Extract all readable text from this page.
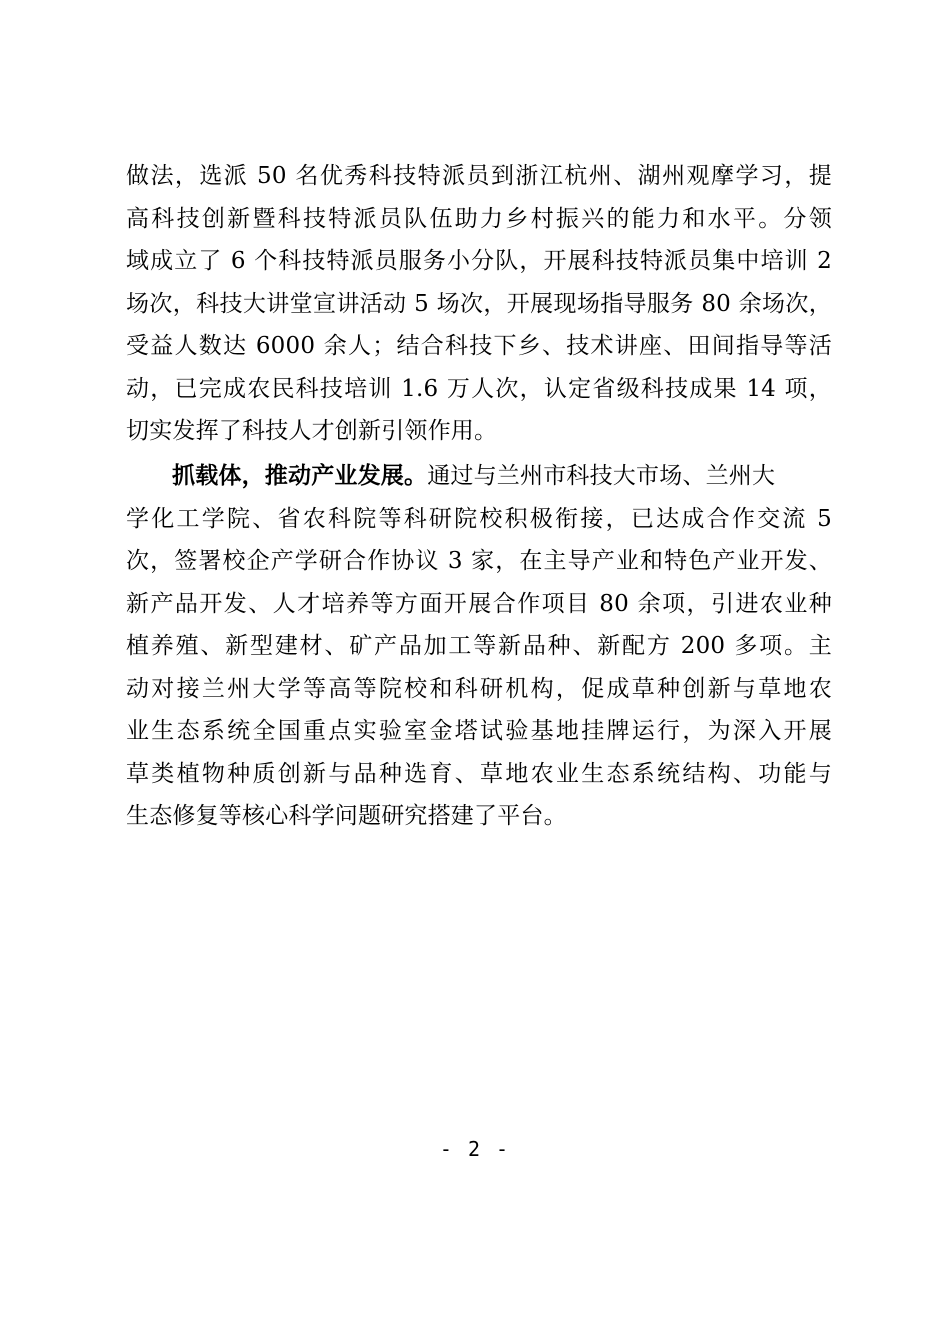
做法，选派 50 名优秀科技特派员到浙江杭州、湖州观摩学习，提
高科技创新暨科技特派员队伍助力乡村振兴的能力和水平。分领
域成立了 6 个科技特派员服务小分队，开展科技特派员集中培训 2
场次，科技大讲堂宣讲活动 5 场次，开展现场指导服务 80 余场次，
受益人数达 6000 余人；结合科技下乡、技术讲座、田间指导等活
动，已完成农民科技培训 1.6 万人次，认定省级科技成果 14 项，
切实发挥了科技人才创新引领作用。
抓载体，推动产业发展。通过与兰州市科技大市场、兰州大
学化工学院、省农科院等科研院校积极衔接，已达成合作交流 5
次，签署校企产学研合作协议 3 家，在主导产业和特色产业开发、
新产品开发、人才培养等方面开展合作项目 80 余项，引进农业种
植养殖、新型建材、矿产品加工等新品种、新配方 200 多项。主
动对接兰州大学等高等院校和科研机构，促成草种创新与草地农
业生态系统全国重点实验室金塔试验基地挂牌运行，为深入开展
草类植物种质创新与品种选育、草地农业生态系统结构、功能与
生态修复等核心科学问题研究搭建了平台。
- 2 -
